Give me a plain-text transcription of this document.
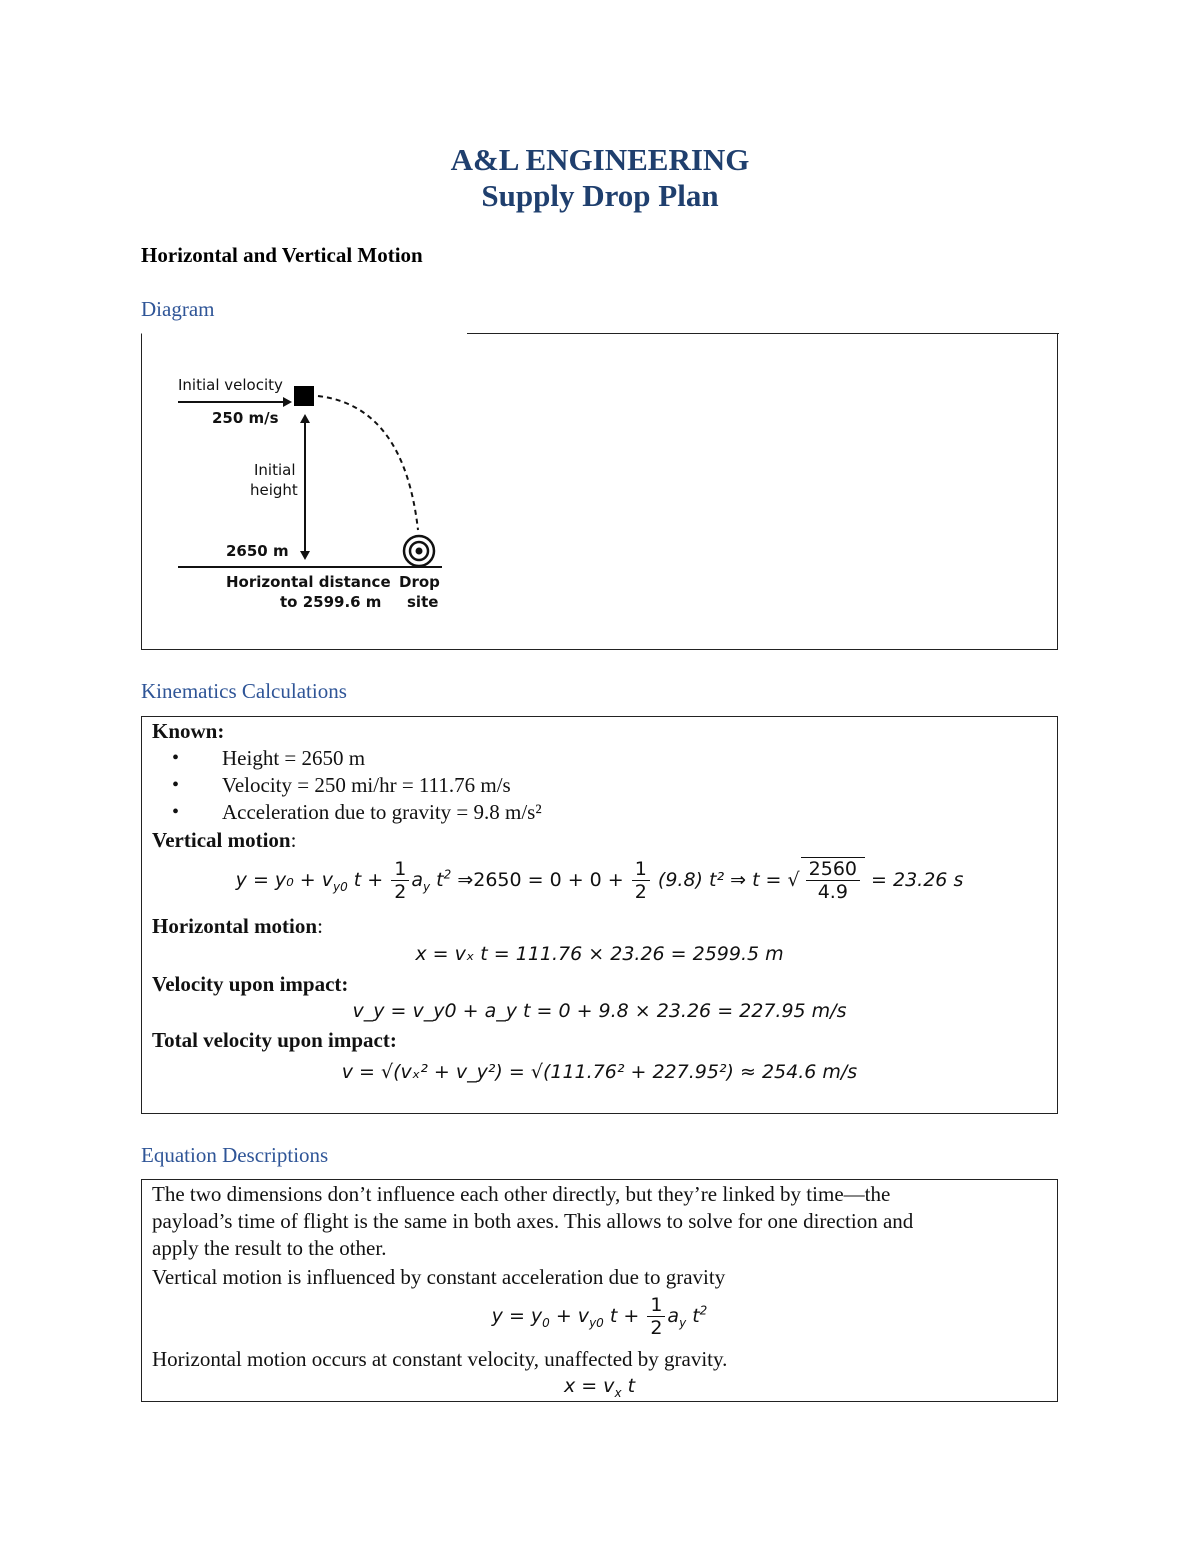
A&L ENGINEERING
Supply Drop Plan
Horizontal and Vertical Motion
Diagram
Initial velocity
250 m/s
Initial
height
2650 m
Horizontal distance
to 2599.6 m
Drop
site
Kinematics Calculations
Known:
• Height = 2650 m
• Velocity = 250 mi/hr = 111.76 m/s
• Acceleration due to gravity = 9.8 m/s²
Vertical motion:
$y = y_0 + v_{y0}$ $t + \frac{1}{2} a_y$ $t^2$ ⇒2650 = $0 + 0 + \frac{1}{2} (9.8)$ t² ⇒ t = √ $\frac{2560}{4.9} = 23.26$ s
Horizontal motion:
x = vₓ t = 111.76 × 23.26 = 2599.5 m
Velocity upon impact:
v_y = v_y0 + a_y t = 0 + 9.8 × 23.26 = 227.95 m/s
Total velocity upon impact:
v = √(vₓ² + v_y²) = √(111.76² + 227.95²) ≈ 254.6 m/s
Equation Descriptions
The two dimensions don’t influence each other directly, but they’re linked by time—the
payload’s time of flight is the same in both axes. This allows to solve for one direction and
apply the result to the other.
Vertical motion is influenced by constant acceleration due to gravity
$y = y_0 + v_{y0}$ $t + \frac{1}{2} a_y$ $t^2$
Horizontal motion occurs at constant velocity, unaffected by gravity.
$x = v_x$ t
